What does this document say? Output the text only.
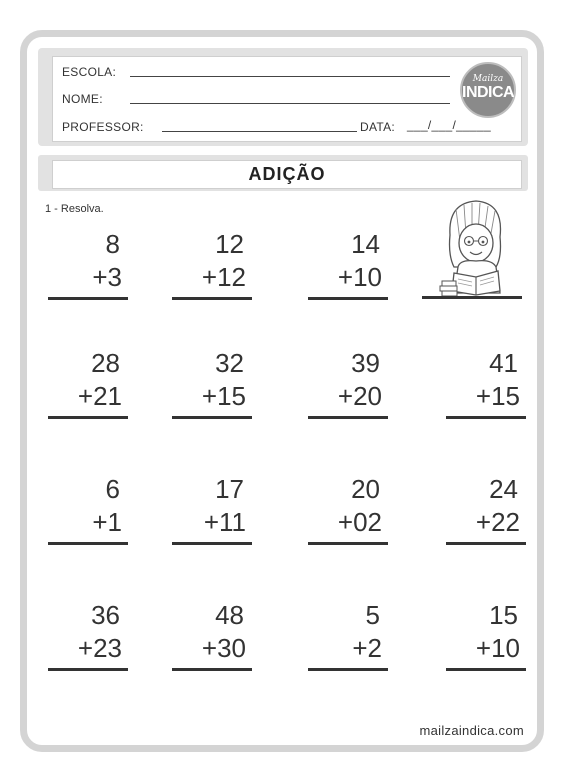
ESCOLA:
NOME:
PROFESSOR:	DATA: ___/___/_____
Mailza
INDICA
ADIÇÃO
1 - Resolva.
8
+3
12
+12
14
+10
28
+21
32
+15
39
+20
41
+15
6
+1
17
+11
20
+02
24
+22
36
+23
48
+30
5
+2
15
+10
mailzaindica.com
